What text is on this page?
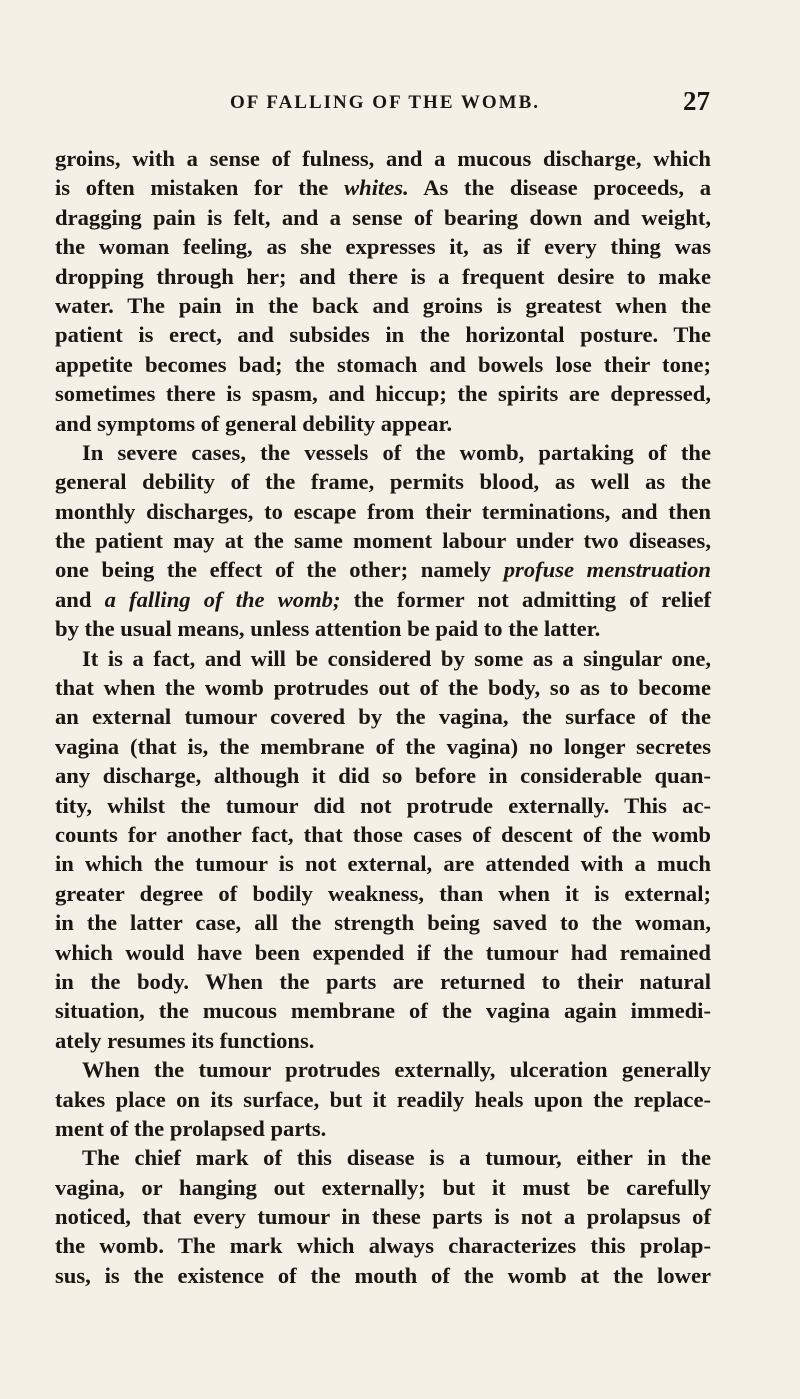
OF FALLING OF THE WOMB.	27
groins, with a sense of fulness, and a mucous discharge, which
is often mistaken for the whites. As the disease proceeds, a
dragging pain is felt, and a sense of bearing down and weight,
the woman feeling, as she expresses it, as if every thing was
dropping through her; and there is a frequent desire to make
water. The pain in the back and groins is greatest when the
patient is erect, and subsides in the horizontal posture. The
appetite becomes bad; the stomach and bowels lose their tone;
sometimes there is spasm, and hiccup; the spirits are depressed,
and symptoms of general debility appear.
In severe cases, the vessels of the womb, partaking of the
general debility of the frame, permits blood, as well as the
monthly discharges, to escape from their terminations, and then
the patient may at the same moment labour under two diseases,
one being the effect of the other; namely profuse menstruation
and a falling of the womb; the former not admitting of relief
by the usual means, unless attention be paid to the latter.
It is a fact, and will be considered by some as a singular one,
that when the womb protrudes out of the body, so as to become
an external tumour covered by the vagina, the surface of the
vagina (that is, the membrane of the vagina) no longer secretes
any discharge, although it did so before in considerable quan-
tity, whilst the tumour did not protrude externally. This ac-
counts for another fact, that those cases of descent of the womb
in which the tumour is not external, are attended with a much
greater degree of bodily weakness, than when it is external;
in the latter case, all the strength being saved to the woman,
which would have been expended if the tumour had remained
in the body. When the parts are returned to their natural
situation, the mucous membrane of the vagina again immedi-
ately resumes its functions.
When the tumour protrudes externally, ulceration generally
takes place on its surface, but it readily heals upon the replace-
ment of the prolapsed parts.
The chief mark of this disease is a tumour, either in the
vagina, or hanging out externally; but it must be carefully
noticed, that every tumour in these parts is not a prolapsus of
the womb. The mark which always characterizes this prolap-
sus, is the existence of the mouth of the womb at the lower
